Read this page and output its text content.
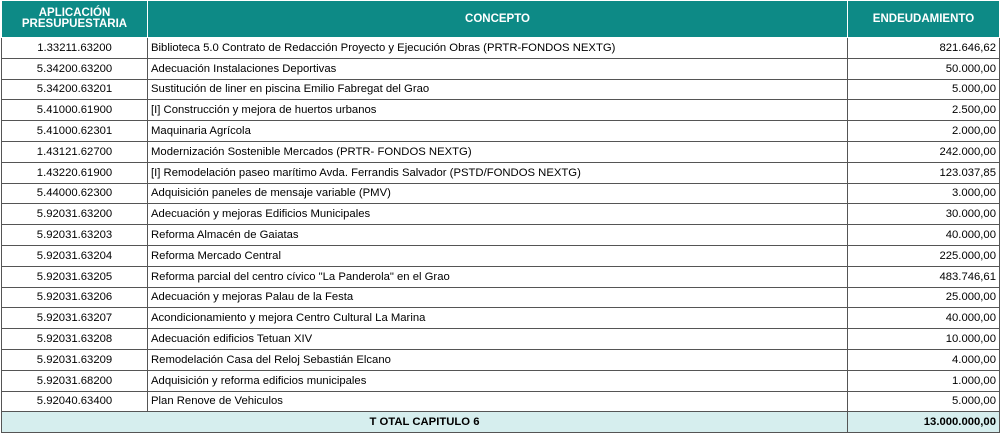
APLICACIÓN PRESUPUESTARIA	CONCEPTO	ENDEUDAMIENTO
1.33211.63200	Biblioteca 5.0 Contrato de Redacción Proyecto y Ejecución Obras (PRTR-FONDOS NEXTG)	821.646,62
5.34200.63200	Adecuación Instalaciones Deportivas	50.000,00
5.34200.63201	Sustitución de liner en piscina Emilio Fabregat del Grao	5.000,00
5.41000.61900	[I] Construcción y mejora de huertos urbanos	2.500,00
5.41000.62301	Maquinaria Agrícola	2.000,00
1.43121.62700	Modernización Sostenible Mercados (PRTR- FONDOS NEXTG)	242.000,00
1.43220.61900	[I] Remodelación paseo marítimo Avda. Ferrandis Salvador (PSTD/FONDOS NEXTG)	123.037,85
5.44000.62300	Adquisición paneles de mensaje variable (PMV)	3.000,00
5.92031.63200	Adecuación y mejoras Edificios Municipales	30.000,00
5.92031.63203	Reforma Almacén de Gaiatas	40.000,00
5.92031.63204	Reforma Mercado Central	225.000,00
5.92031.63205	Reforma parcial del centro cívico "La Panderola" en el Grao	483.746,61
5.92031.63206	Adecuación y mejoras Palau de la Festa	25.000,00
5.92031.63207	Acondicionamiento y mejora Centro Cultural La Marina	40.000,00
5.92031.63208	Adecuación edificios Tetuan XIV	10.000,00
5.92031.63209	Remodelación Casa del Reloj Sebastián Elcano	4.000,00
5.92031.68200	Adquisición y reforma edificios municipales	1.000,00
5.92040.63400	Plan Renove de Vehiculos	5.000,00
T OTAL CAPITULO 6		13.000.000,00
